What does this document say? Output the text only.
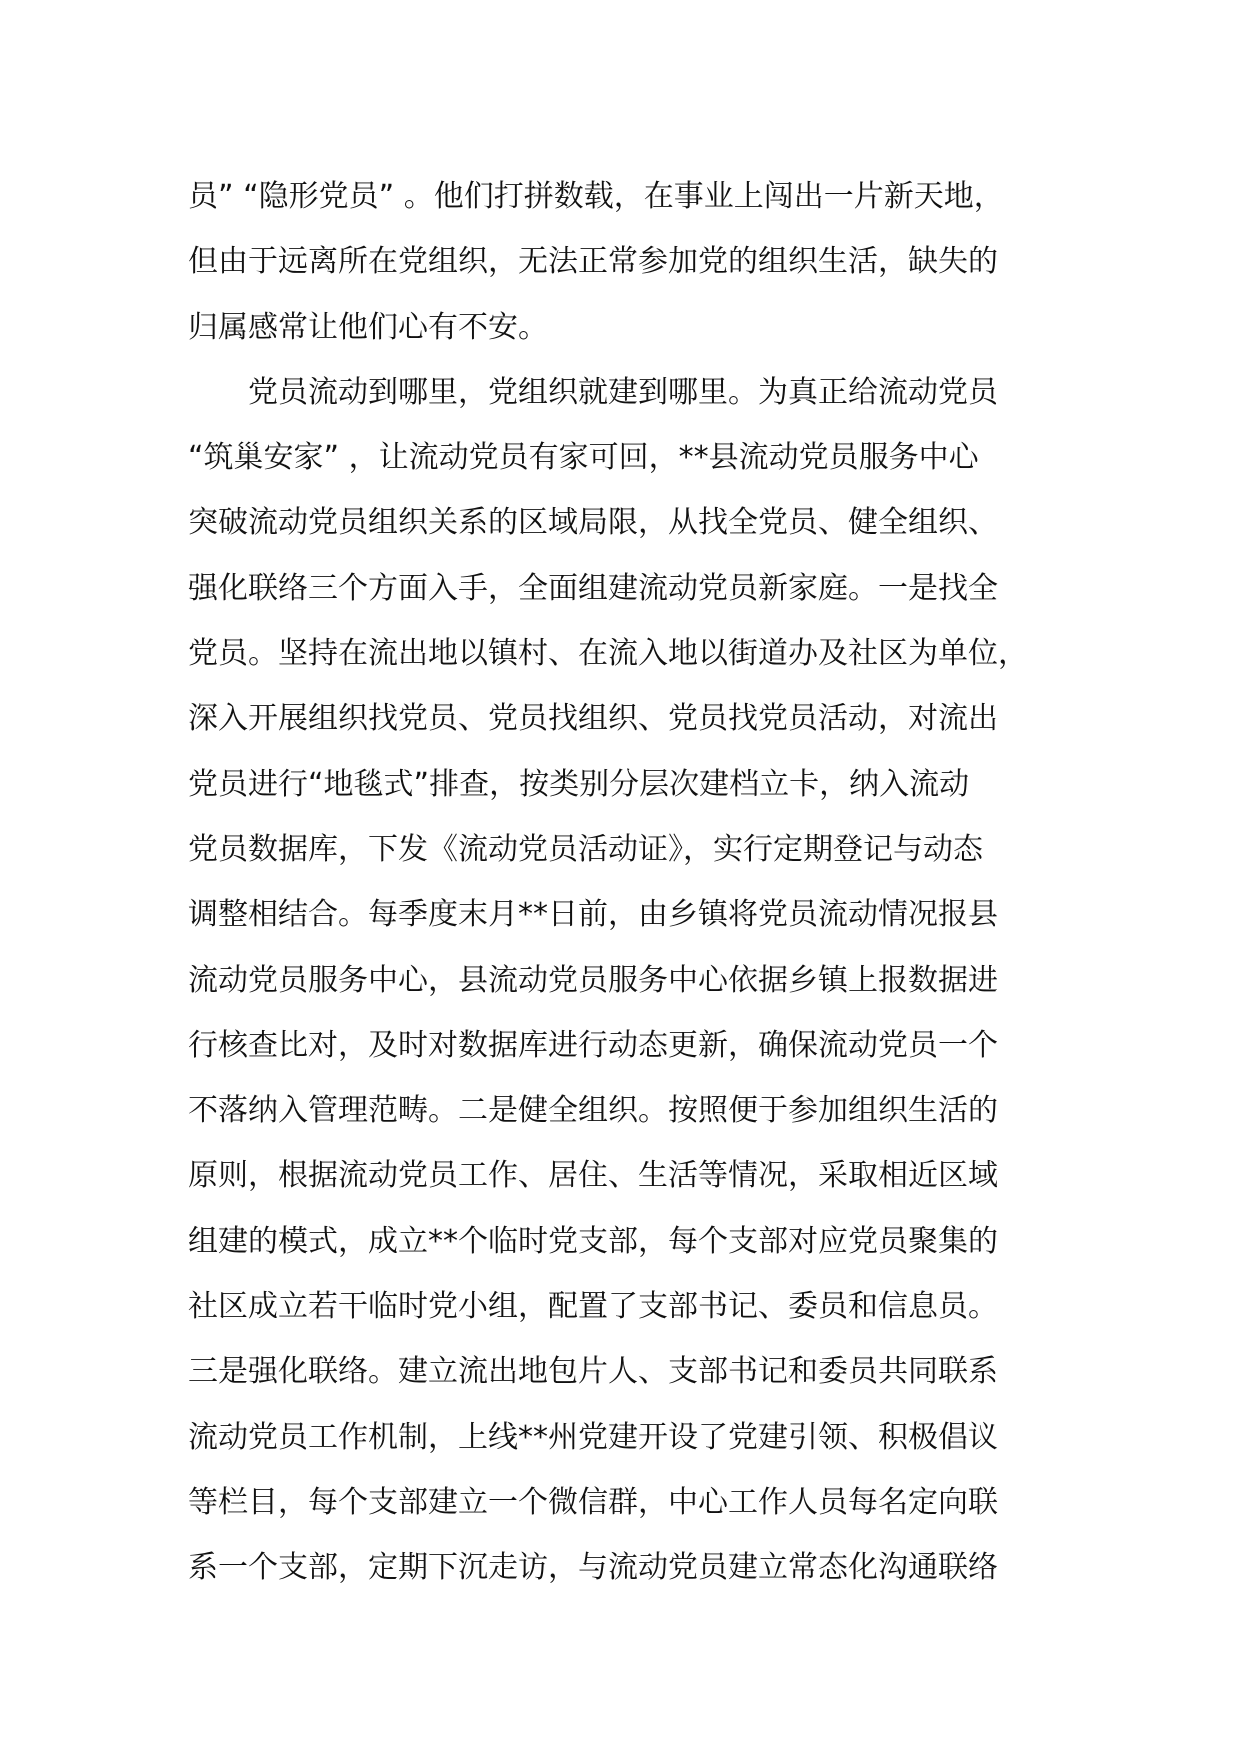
员” “隐形党员” 。他们打拼数载，在事业上闯出一片新天地，
但由于远离所在党组织，无法正常参加党的组织生活，缺失的
归属感常让他们心有不安。
　　党员流动到哪里，党组织就建到哪里。为真正给流动党员
“筑巢安家” ，让流动党员有家可回，**县流动党员服务中心
突破流动党员组织关系的区域局限，从找全党员、健全组织、
强化联络三个方面入手，全面组建流动党员新家庭。一是找全
党员。坚持在流出地以镇村、在流入地以街道办及社区为单位，
深入开展组织找党员、党员找组织、党员找党员活动，对流出
党员进行“地毯式”排查，按类别分层次建档立卡，纳入流动
党员数据库，下发《流动党员活动证》，实行定期登记与动态
调整相结合。每季度末月**日前，由乡镇将党员流动情况报县
流动党员服务中心，县流动党员服务中心依据乡镇上报数据进
行核查比对，及时对数据库进行动态更新，确保流动党员一个
不落纳入管理范畴。二是健全组织。按照便于参加组织生活的
原则，根据流动党员工作、居住、生活等情况，采取相近区域
组建的模式，成立**个临时党支部，每个支部对应党员聚集的
社区成立若干临时党小组，配置了支部书记、委员和信息员。
三是强化联络。建立流出地包片人、支部书记和委员共同联系
流动党员工作机制，上线**州党建开设了党建引领、积极倡议
等栏目，每个支部建立一个微信群，中心工作人员每名定向联
系一个支部，定期下沉走访，与流动党员建立常态化沟通联络
